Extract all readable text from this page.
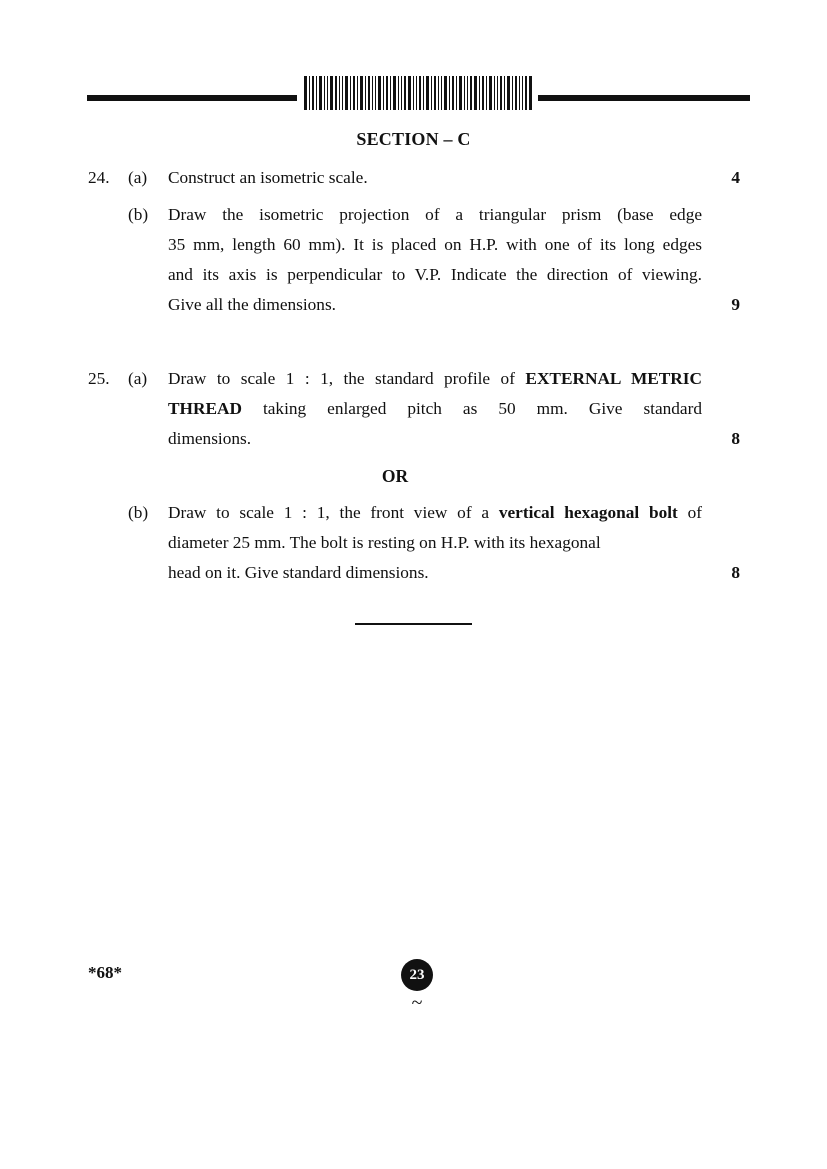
SECTION – C
24. (a) Construct an isometric scale.	4
(b) Draw the isometric projection of a triangular prism (base edge
35 mm, length 60 mm). It is placed on H.P. with one of its long edges
and its axis is perpendicular to V.P. Indicate the direction of viewing.
Give all the dimensions.	9
25. (a) Draw to scale 1 : 1, the standard profile of EXTERNAL METRIC
THREAD taking enlarged pitch as 50 mm. Give standard
dimensions.	8
OR
(b) Draw to scale 1 : 1, the front view of a vertical hexagonal bolt of
diameter 25 mm. The bolt is resting on H.P. with its hexagonal
head on it. Give standard dimensions.	8
*68*	23
~
